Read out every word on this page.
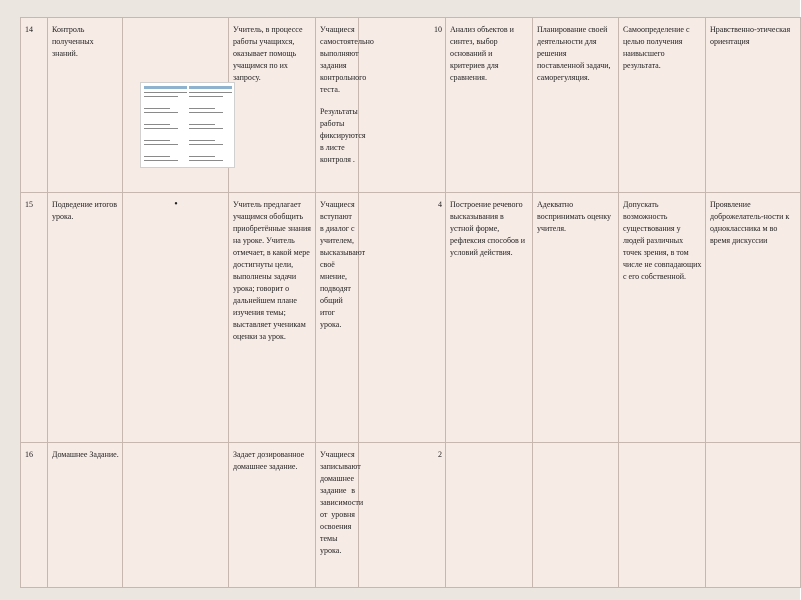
14	Контроль полученных знаний.		Учитель, в процессе работы учащихся, оказывает помощь учащимся по их запросу.	Учащиеся самостоятельно выполняют задания контрольного теста.
Результаты работы фиксируются в листе контроля .	10	Анализ объектов и синтез, выбор оснований и критериев для сравнения.	Планирование своей деятельности для решения поставленной задачи, саморегуляция.	Самоопределение с целью получения наивысшего результата.	Нравственно-этическая ориентация
15	Подведение итогов урока.	•	Учитель предлагает учащимся обобщить приобретённые знания на уроке. Учитель отмечает, в какой мере достигнуты цели, выполнены задачи урока; говорит о дальнейшем плане изучения темы; выставляет ученикам оценки за урок.	Учащиеся вступают в диалог с учителем, высказывают своё мнение, подводят общий итог урока.	4	Построение речевого высказывания в устной форме, рефлексия способов и условий действия.	Адекватно воспринимать оценку учителя.	Допускать возможность существования у людей различных точек зрения, в том числе не совпадающих с его собственной.	Проявление доброжелатель-ности к одноклассника м во время дискуссии
16	Домашнее Задание.		Задает дозированное домашнее задание.	Учащиеся записывают домашнее задание в зависимости от уровня освоения темы урока.	2				
